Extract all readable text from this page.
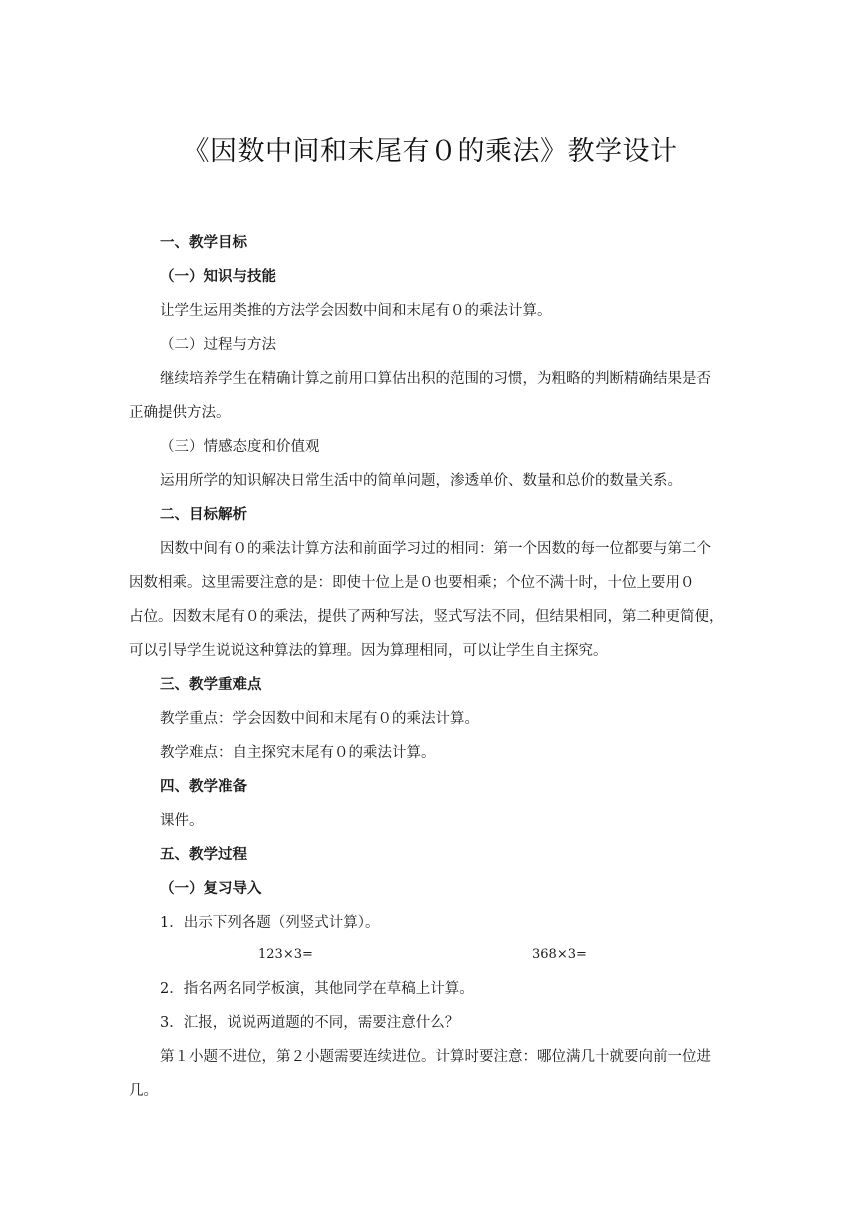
《因数中间和末尾有０的乘法》教学设计
一、教学目标
（一）知识与技能
让学生运用类推的方法学会因数中间和末尾有０的乘法计算。
（二）过程与方法
继续培养学生在精确计算之前用口算估出积的范围的习惯，为粗略的判断精确结果是否
正确提供方法。
（三）情感态度和价值观
运用所学的知识解决日常生活中的简单问题，渗透单价、数量和总价的数量关系。
二、目标解析
因数中间有０的乘法计算方法和前面学习过的相同：第一个因数的每一位都要与第二个
因数相乘。这里需要注意的是：即使十位上是０也要相乘；个位不满十时，十位上要用０
占位。因数末尾有０的乘法，提供了两种写法，竖式写法不同，但结果相同，第二种更简便，
可以引导学生说说这种算法的算理。因为算理相同，可以让学生自主探究。
三、教学重难点
教学重点：学会因数中间和末尾有０的乘法计算。
教学难点：自主探究末尾有０的乘法计算。
四、教学准备
课件。
五、教学过程
（一）复习导入
1．出示下列各题（列竖式计算）。
123×3=	368×3=
2．指名两名同学板演，其他同学在草稿上计算。
3．汇报，说说两道题的不同，需要注意什么？
第１小题不进位，第２小题需要连续进位。计算时要注意：哪位满几十就要向前一位进
几。
